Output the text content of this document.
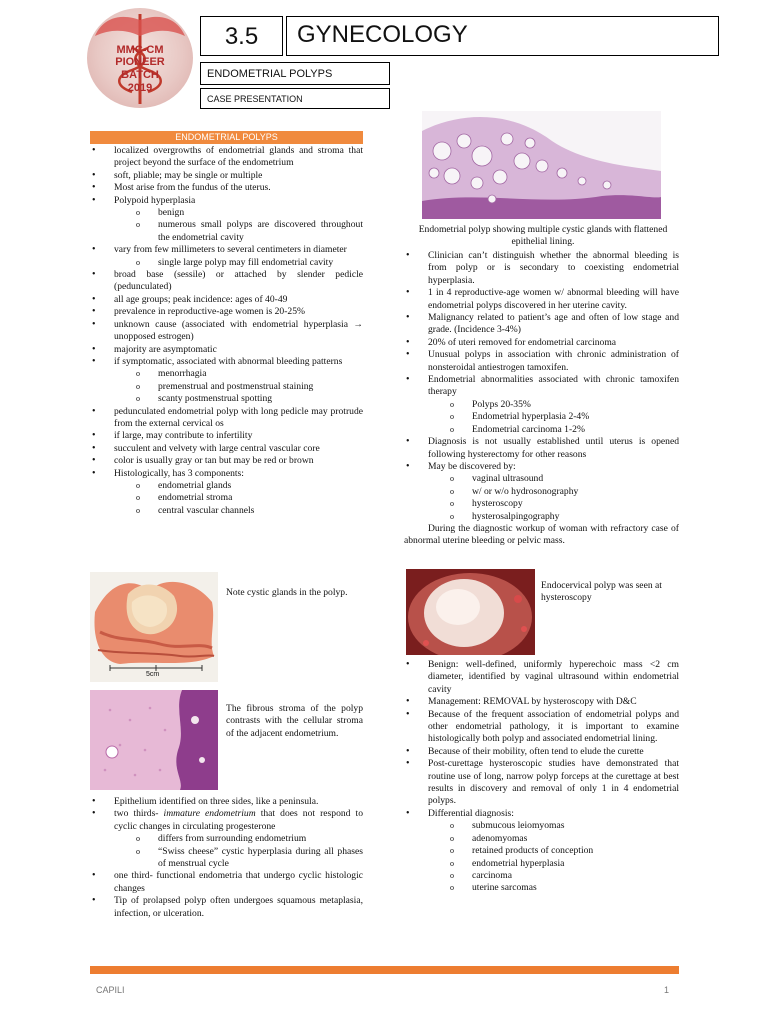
MMC-CM
PIONEER
BATCH
2019
3.5	GYNECOLOGY
ENDOMETRIAL POLYPS
CASE PRESENTATION
ENDOMETRIAL POLYPS
• localized overgrowths of endometrial glands and stroma that project beyond the surface of the endometrium
• soft, pliable; may be single or multiple
• Most arise from the fundus of the uterus.
• Polypoid hyperplasia
o benign
o numerous small polyps are discovered throughout the endometrial cavity
• vary from few millimeters to several centimeters in diameter
o single large polyp may fill endometrial cavity
• broad base (sessile) or attached by slender pedicle (pedunculated)
• all age groups; peak incidence: ages of 40-49
• prevalence in reproductive-age women is 20-25%
• unknown cause (associated with endometrial hyperplasia → unopposed estrogen)
• majority are asymptomatic
• if symptomatic, associated with abnormal bleeding patterns
o menorrhagia
o premenstrual and postmenstrual staining
o scanty postmenstrual spotting
• pedunculated endometrial polyp with long pedicle may protrude from the external cervical os
• if large, may contribute to infertility
• succulent and velvety with large central vascular core
• color is usually gray or tan but may be red or brown
• Histologically, has 3 components:
o endometrial glands
o endometrial stroma
o central vascular channels
5cm
Note cystic glands in the polyp.
The fibrous stroma of the polyp contrasts with the cellular stroma of the adjacent endometrium.
• Epithelium identified on three sides, like a peninsula.
• two thirds- immature endometrium that does not respond to cyclic changes in circulating progesterone
o differs from surrounding endometrium
o “Swiss cheese” cystic hyperplasia during all phases of menstrual cycle
• one third- functional endometria that undergo cyclic histologic changes
• Tip of prolapsed polyp often undergoes squamous metaplasia, infection, or ulceration.
Endometrial polyp showing multiple cystic glands with flattened epithelial lining.
• Clinician can’t distinguish whether the abnormal bleeding is from polyp or is secondary to coexisting endometrial hyperplasia.
• 1 in 4 reproductive-age women w/ abnormal bleeding will have endometrial polyps discovered in her uterine cavity.
• Malignancy related to patient’s age and often of low stage and grade. (Incidence 3-4%)
• 20% of uteri removed for endometrial carcinoma
• Unusual polyps in association with chronic administration of nonsteroidal antiestrogen tamoxifen.
• Endometrial abnormalities associated with chronic tamoxifen therapy
o Polyps 20-35%
o Endometrial hyperplasia 2-4%
o Endometrial carcinoma 1-2%
• Diagnosis is not usually established until uterus is opened following hysterectomy for other reasons
• May be discovered by:
o vaginal ultrasound
o w/ or w/o hydrosonography
o hysteroscopy
o hysterosalpingography
During the diagnostic workup of woman with refractory case of abnormal uterine bleeding or pelvic mass.
Endocervical polyp was seen at hysteroscopy
• Benign: well-defined, uniformly hyperechoic mass <2 cm diameter, identified by vaginal ultrasound within endometrial cavity
• Management: REMOVAL by hysteroscopy with D&C
• Because of the frequent association of endometrial polyps and other endometrial pathology, it is important to examine histologically both polyp and associated endometrial lining.
• Because of their mobility, often tend to elude the curette
• Post-curettage hysteroscopic studies have demonstrated that routine use of long, narrow polyp forceps at the curettage at best results in discovery and removal of only 1 in 4 endometrial polyps.
• Differential diagnosis:
o submucous leiomyomas
o adenomyomas
o retained products of conception
o endometrial hyperplasia
o carcinoma
o uterine sarcomas
CAPILI	1
